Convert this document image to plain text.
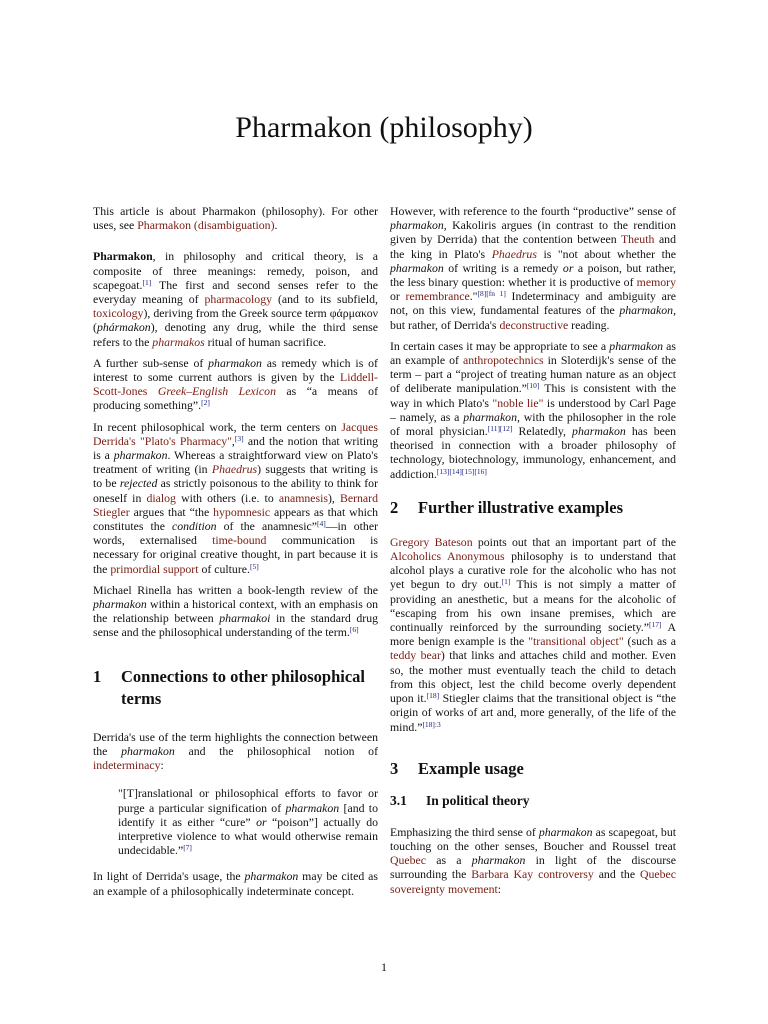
Pharmakon (philosophy)

This article is about Pharmakon (philosophy). For other uses, see Pharmakon (disambiguation).

Pharmakon, in philosophy and critical theory, is a composite of three meanings: remedy, poison, and scapegoat.[1] The first and second senses refer to the everyday meaning of pharmacology (and to its subfield, toxicology), deriving from the Greek source term φάρμακον (phármakon), denoting any drug, while the third sense refers to the pharmakos ritual of human sacrifice.

A further sub-sense of pharmakon as remedy which is of interest to some current authors is given by the Liddell-Scott-Jones Greek–English Lexicon as “a means of producing something”.[2]

In recent philosophical work, the term centers on Jacques Derrida's "Plato's Pharmacy",[3] and the notion that writing is a pharmakon. Whereas a straightforward view on Plato's treatment of writing (in Phaedrus) suggests that writing is to be rejected as strictly poisonous to the ability to think for oneself in dialog with others (i.e. to anamnesis), Bernard Stiegler argues that “the hypomnesic appears as that which constitutes the condition of the anamnesic”[4]—in other words, externalised time-bound communication is necessary for original creative thought, in part because it is the primordial support of culture.[5]

Michael Rinella has written a book-length review of the pharmakon within a historical context, with an emphasis on the relationship between pharmakoi in the standard drug sense and the philosophical understanding of the term.[6]

1	Connections to other philosophical terms

Derrida's use of the term highlights the connection between the pharmakon and the philosophical notion of indeterminacy:

"[T]ranslational or philosophical efforts to favor or purge a particular signification of pharmakon [and to identify it as either “cure” or “poison”] actually do interpretive violence to what would otherwise remain undecidable.”[7]

In light of Derrida's usage, the pharmakon may be cited as an example of a philosophically indeterminate concept.

However, with reference to the fourth “productive” sense of pharmakon, Kakoliris argues (in contrast to the rendition given by Derrida) that the contention between Theuth and the king in Plato's Phaedrus is "not about whether the pharmakon of writing is a remedy or a poison, but rather, the less binary question: whether it is productive of memory or remembrance."[8][fn 1] Indeterminacy and ambiguity are not, on this view, fundamental features of the pharmakon, but rather, of Derrida's deconstructive reading.

In certain cases it may be appropriate to see a pharmakon as an example of anthropotechnics in Sloterdijk's sense of the term – part a “project of treating human nature as an object of deliberate manipulation.”[10] This is consistent with the way in which Plato's "noble lie" is understood by Carl Page – namely, as a pharmakon, with the philosopher in the role of moral physician.[11][12] Relatedly, pharmakon has been theorised in connection with a broader philosophy of technology, biotechnology, immunology, enhancement, and addiction.[13][14][15][16]

2	Further illustrative examples

Gregory Bateson points out that an important part of the Alcoholics Anonymous philosophy is to understand that alcohol plays a curative role for the alcoholic who has not yet begun to dry out.[1] This is not simply a matter of providing an anesthetic, but a means for the alcoholic of “escaping from his own insane premises, which are continually reinforced by the surrounding society.”[17] A more benign example is the "transitional object" (such as a teddy bear) that links and attaches child and mother. Even so, the mother must eventually teach the child to detach from this object, lest the child become overly dependent upon it.[18] Stiegler claims that the transitional object is “the origin of works of art and, more generally, of the life of the mind.”$^{[18]:3}$

3	Example usage
3.1	In political theory

Emphasizing the third sense of pharmakon as scapegoat, but touching on the other senses, Boucher and Roussel treat Quebec as a pharmakon in light of the discourse surrounding the Barbara Kay controversy and the Quebec sovereignty movement:

1
